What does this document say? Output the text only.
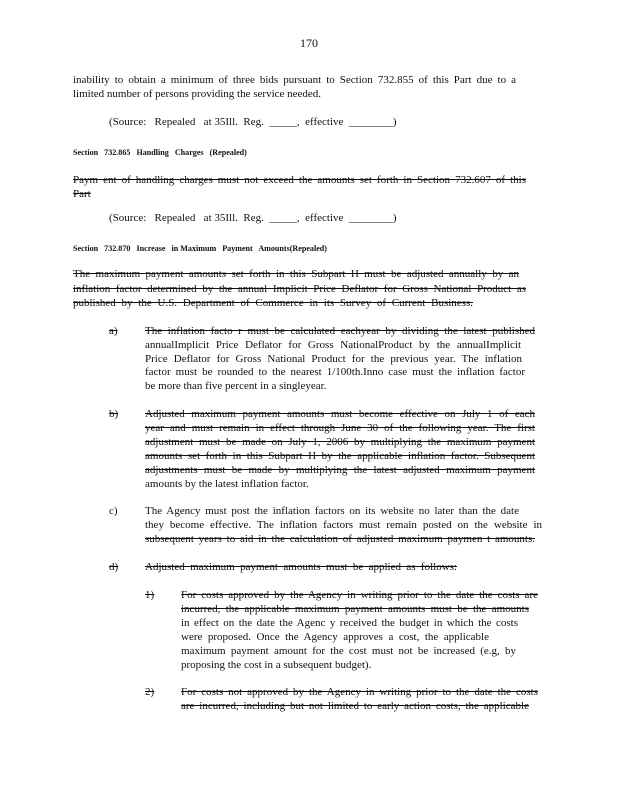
170

inability to obtain a minimum of three bids pursuant to Section 732.855 of this Part due to a

limited number of persons providing the service needed.

(Source:   Repealed   at 35Ill.  Reg.  _____,  effective  ________)

Section   732.865   Handling   Charges   (Repealed)

Paym ent of handling charges must not exceed the amounts set forth in Section 732.607 of this

Part

(Source:   Repealed   at 35Ill.  Reg.  _____,  effective  ________)

Section   732.870   Increase   in Maximum   Payment   Amounts(Repealed)

The maximum payment amounts set forth in this Subpart H must be adjusted annually by an

inflation factor determined by the annual Implicit Price Deflator for Gross National Product as

published by the U.S. Department of Commerce in its Survey of Current Business.

a) The inflation facto r must be calculated eachyear by dividing the latest published

annualImplicit Price Deflator for Gross NationalProduct by the annualImplicit

Price Deflator for Gross National Product for the previous year. The inflation

factor must be rounded to the nearest 1/100th.Inno case must the inflation factor

be more than five percent in a singleyear.

b) Adjusted maximum payment amounts must become effective on July 1 of each

year and must remain in effect through June 30 of the following year. The first

adjustment must be made on July 1, 2006 by multiplying the maximum payment

amounts set forth in this Subpart H by the applicable inflation factor. Subsequent

adjustments must be made by multiplying the latest adjusted maximum payment

amounts by the latest inflation factor.

c) The Agency must post the inflation factors on its website no later than the date

they become effective. The inflation factors must remain posted on the website in

subsequent years to aid in the calculation of adjusted maximum paymen t amounts.

d) Adjusted maximum payment amounts must be applied as follows:

1) For costs approved by the Agency in writing prior to the date the costs are

incurred, the applicable maximum payment amounts must be the amounts

in effect on the date the Agenc y received the budget in which the costs

were proposed. Once the Agency approves a cost, the applicable

maximum payment amount for the cost must not be increased (e.g, by

proposing the cost in a subsequent budget).

2) For costs not approved by the Agency in writing prior to the date the costs

are incurred, including but not limited to early action costs, the applicable
